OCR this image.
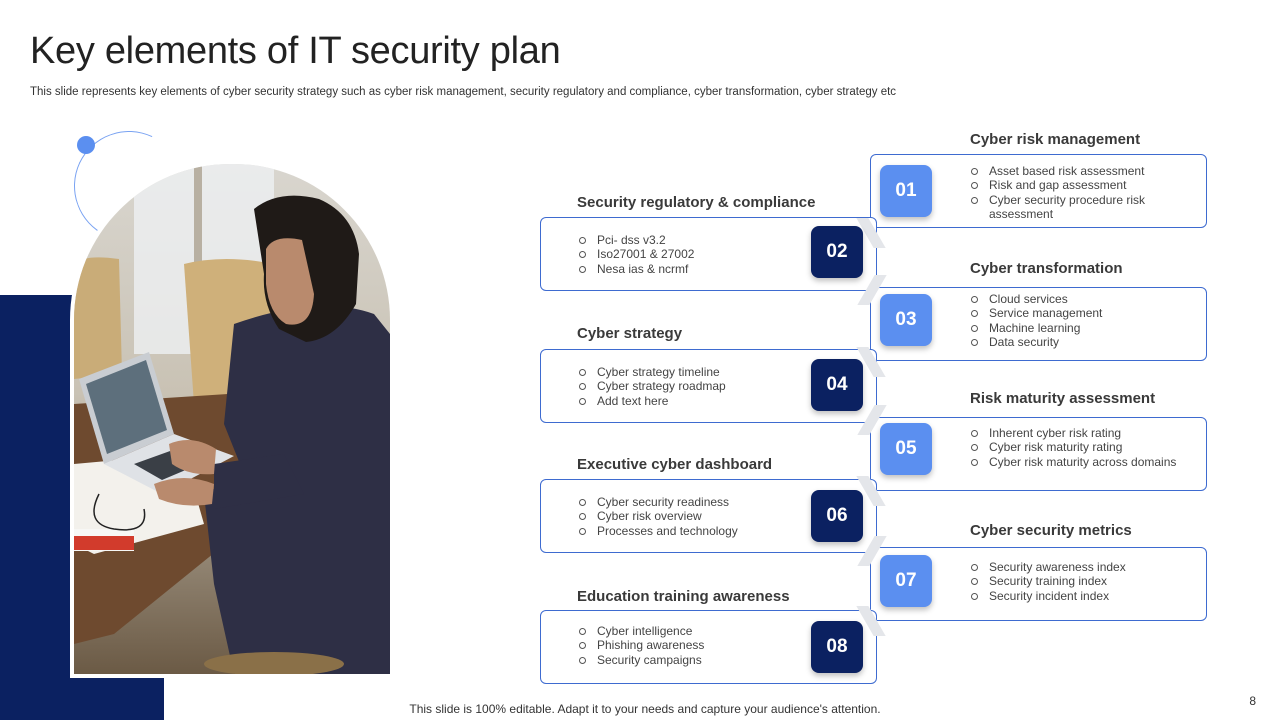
Key elements of IT security plan

This slide represents key elements of cyber security strategy such as cyber risk management, security regulatory and compliance, cyber transformation, cyber strategy etc

Asset based risk assessment
Risk and gap assessment
Cyber security procedure risk assessment
Cyber risk management
Pci- dss v3.2
Iso27001 & 27002
Nesa ias & ncrmf
Security regulatory & compliance
Cloud services
Service management
Machine learning
Data security
Cyber transformation
Cyber strategy timeline
Cyber strategy roadmap
Add text here
Cyber strategy
Inherent cyber risk rating
Cyber risk maturity rating
Cyber risk maturity across domains
Risk maturity assessment
Cyber security readiness
Cyber risk overview
Processes and technology
Executive cyber dashboard
Security awareness index
Security training index
Security incident index
Cyber security metrics
Cyber intelligence
Phishing awareness
Security campaigns
Education training awareness
01
02
03
04
05
06
07
08
This slide is 100% editable. Adapt it to your needs and capture your audience's attention.
8
